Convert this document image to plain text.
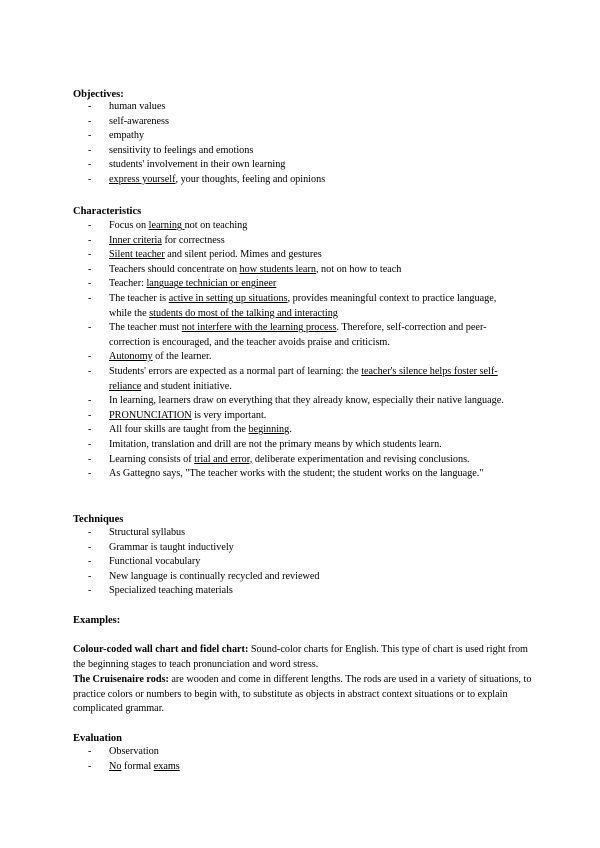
Objectives:
- human values
- self-awareness
- empathy
- sensitivity to feelings and emotions
- students' involvement in their own learning
- express yourself, your thoughts, feeling and opinions
Characteristics
- Focus on learning not on teaching
- Inner criteria for correctness
- Silent teacher and silent period. Mimes and gestures
- Teachers should concentrate on how students learn, not on how to teach
- Teacher: language technician or engineer
- The teacher is active in setting up situations, provides meaningful context to practice language, while the students do most of the talking and interacting
- The teacher must not interfere with the learning process. Therefore, self-correction and peer-correction is encouraged, and the teacher avoids praise and criticism.
- Autonomy of the learner.
- Students' errors are expected as a normal part of learning: the teacher's silence helps foster self-reliance and student initiative.
- In learning, learners draw on everything that they already know, especially their native language.
- PRONUNCIATION is very important.
- All four skills are taught from the beginning.
- Imitation, translation and drill are not the primary means by which students learn.
- Learning consists of trial and error, deliberate experimentation and revising conclusions.
- As Gattegno says, "The teacher works with the student; the student works on the language."
Techniques
- Structural syllabus
- Grammar is taught inductively
- Functional vocabulary
- New language is continually recycled and reviewed
- Specialized teaching materials
Examples:

Colour-coded wall chart and fidel chart: Sound-color charts for English. This type of chart is used right from the beginning stages to teach pronunciation and word stress.

The Cruisenaire rods: are wooden and come in different lengths. The rods are used in a variety of situations, to practice colors or numbers to begin with, to substitute as objects in abstract context situations or to explain complicated grammar.

Evaluation
- Observation
- No formal exams
